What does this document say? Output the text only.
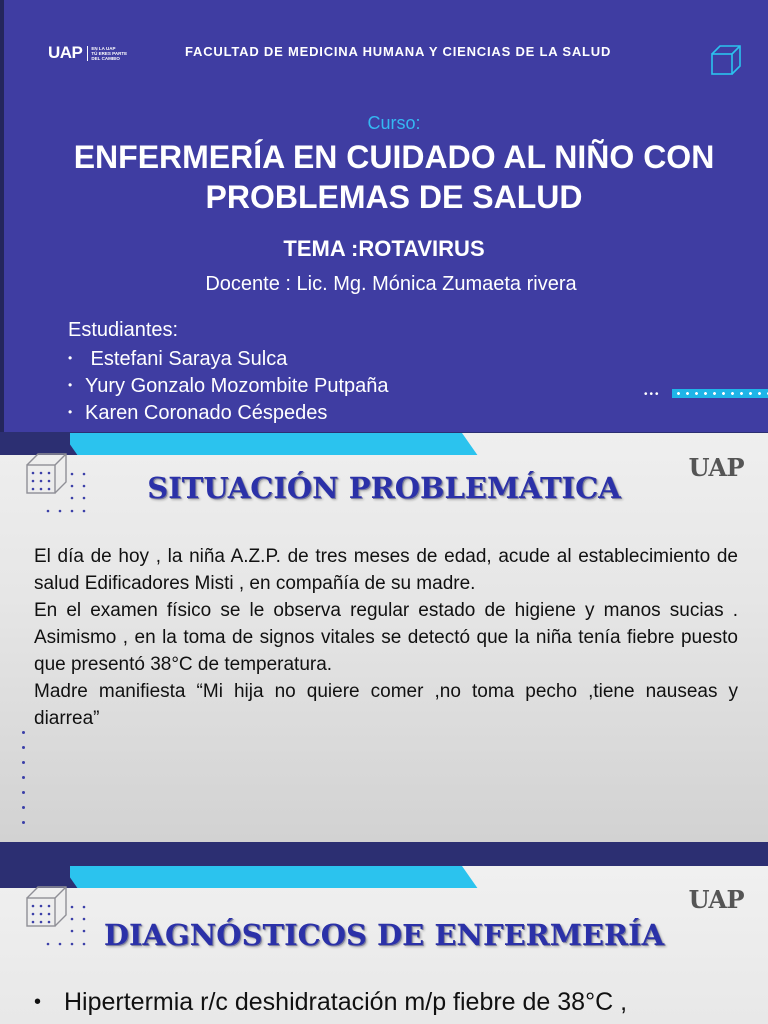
UAP	EN LA UAP
TÚ ERES PARTE
DEL CAMBIO	FACULTAD DE MEDICINA HUMANA Y CIENCIAS DE LA SALUD
Curso:
ENFERMERÍA EN CUIDADO AL NIÑO CON
PROBLEMAS DE SALUD
TEMA :ROTAVIRUS
Docente : Lic. Mg. Mónica Zumaeta rivera
Estudiantes:
• Estefani Saraya Sulca
• Yury Gonzalo Mozombite Putpaña
• Karen Coronado Céspedes
•••
UAP
SITUACIÓN PROBLEMÁTICA

El día de hoy , la niña A.Z.P. de tres meses de edad, acude al establecimiento de salud Edificadores Misti , en compañía de su madre.

En el examen físico se le observa regular estado de higiene y manos sucias . Asimismo , en la toma de signos vitales se detectó que la niña tenía fiebre puesto que presentó 38°C de temperatura.

Madre manifiesta “Mi hija no quiere comer ,no toma pecho ,tiene nauseas y diarrea”

UAP
DIAGNÓSTICOS DE ENFERMERÍA
• Hipertermia r/c deshidratación m/p fiebre de 38°C ,
